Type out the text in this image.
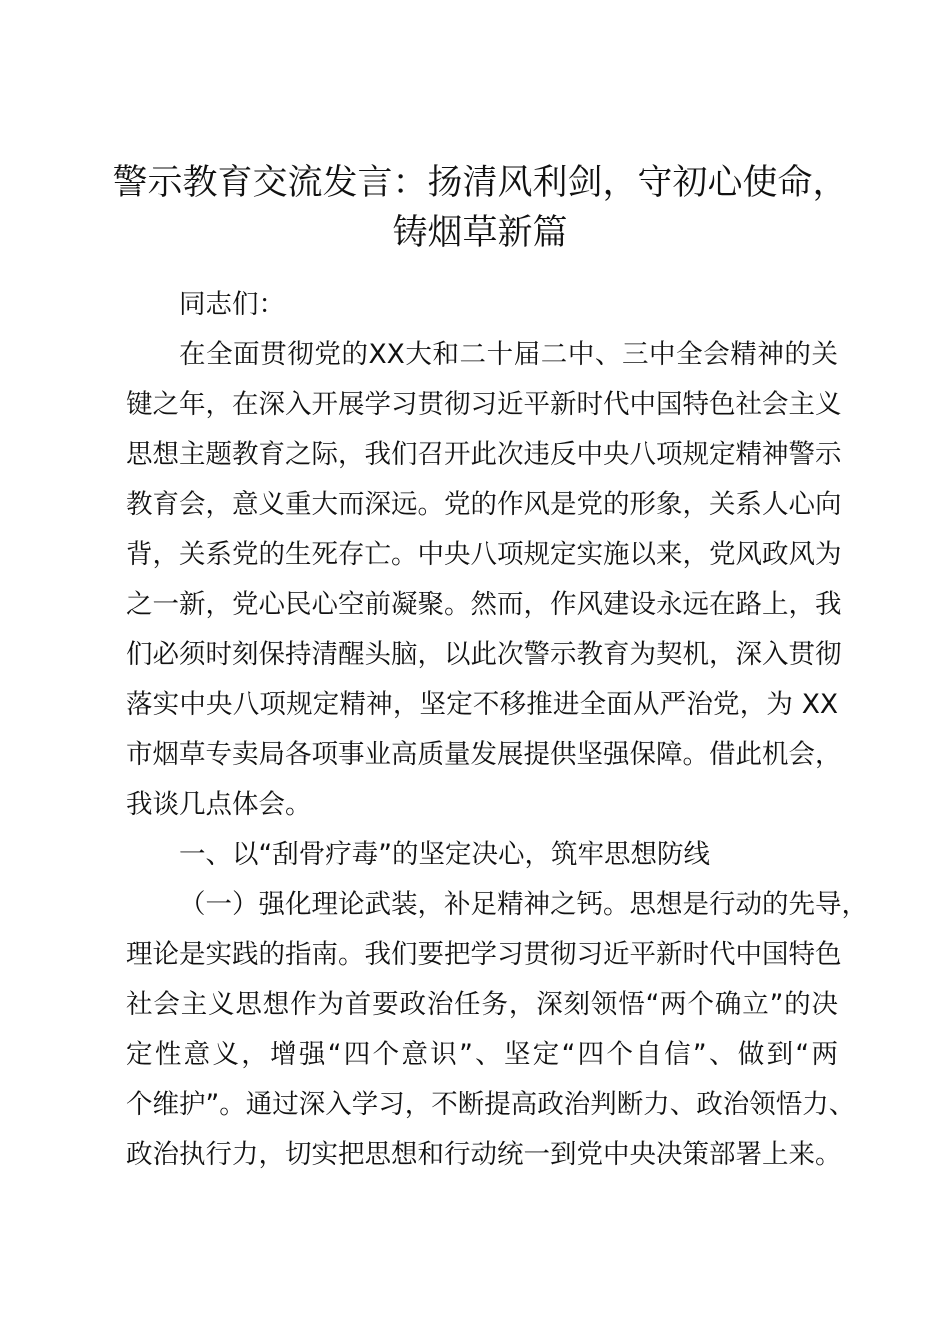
警示教育交流发言：扬清风利剑，守初心使命，
铸烟草新篇
同志们：
在全面贯彻党的XX大和二十届二中、三中全会精神的关
键之年，在深入开展学习贯彻习近平新时代中国特色社会主义
思想主题教育之际，我们召开此次违反中央八项规定精神警示
教育会，意义重大而深远。党的作风是党的形象，关系人心向
背，关系党的生死存亡。中央八项规定实施以来，党风政风为
之一新，党心民心空前凝聚。然而，作风建设永远在路上，我
们必须时刻保持清醒头脑，以此次警示教育为契机，深入贯彻
落实中央八项规定精神，坚定不移推进全面从严治党，为 XX
市烟草专卖局各项事业高质量发展提供坚强保障。借此机会，
我谈几点体会。
一、以“刮骨疗毒”的坚定决心，筑牢思想防线
（一）强化理论武装，补足精神之钙。思想是行动的先导，
理论是实践的指南。我们要把学习贯彻习近平新时代中国特色
社会主义思想作为首要政治任务，深刻领悟“两个确立”的决
定性意义，增强“四个意识”、坚定“四个自信”、做到“两
个维护”。通过深入学习，不断提高政治判断力、政治领悟力、
政治执行力，切实把思想和行动统一到党中央决策部署上来。
